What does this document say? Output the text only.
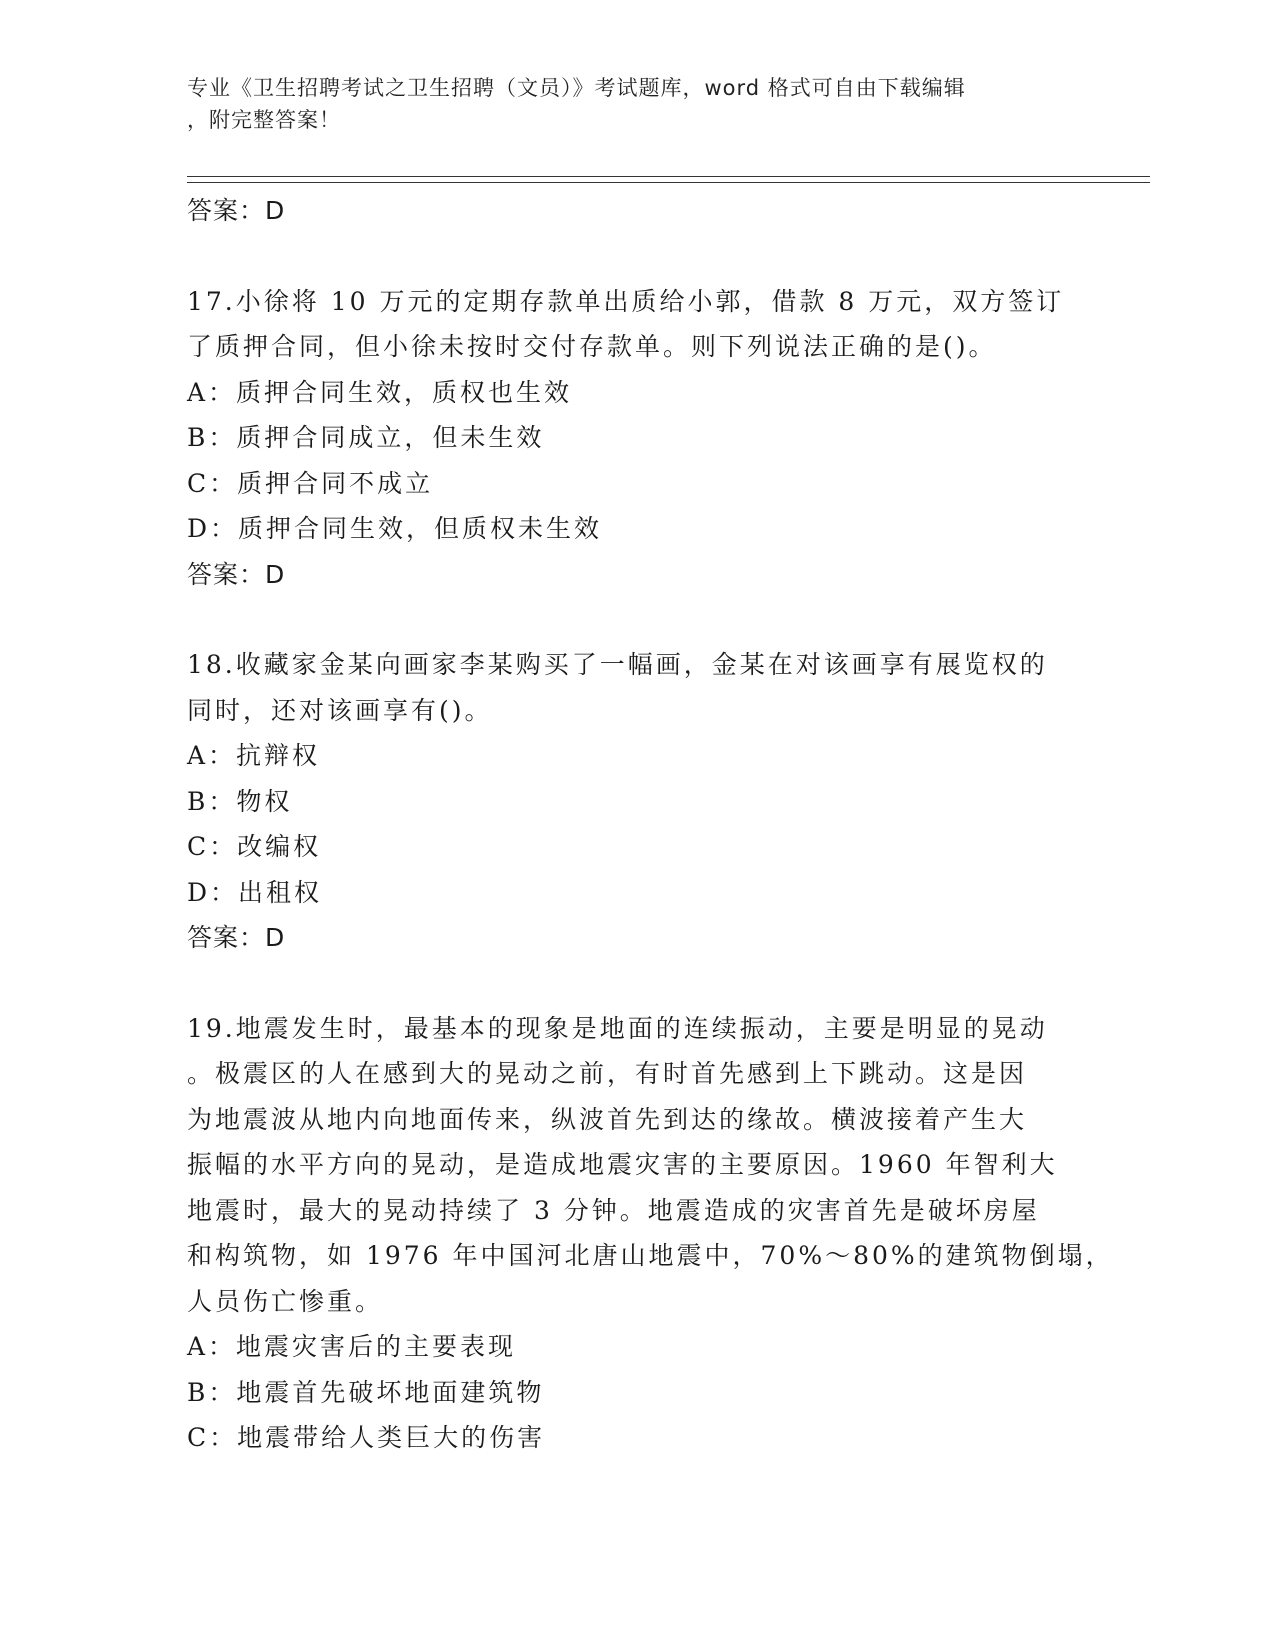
专业《卫生招聘考试之卫生招聘（文员）》考试题库，word 格式可自由下载编辑
，附完整答案！
答案：D
17.小徐将 10 万元的定期存款单出质给小郭，借款 8 万元，双方签订
了质押合同，但小徐未按时交付存款单。则下列说法正确的是()。
A：质押合同生效，质权也生效
B：质押合同成立，但未生效
C：质押合同不成立
D：质押合同生效，但质权未生效
答案：D
18.收藏家金某向画家李某购买了一幅画，金某在对该画享有展览权的
同时，还对该画享有()。
A：抗辩权
B：物权
C：改编权
D：出租权
答案：D
19.地震发生时，最基本的现象是地面的连续振动，主要是明显的晃动
。极震区的人在感到大的晃动之前，有时首先感到上下跳动。这是因
为地震波从地内向地面传来，纵波首先到达的缘故。横波接着产生大
振幅的水平方向的晃动，是造成地震灾害的主要原因。1960 年智利大
地震时，最大的晃动持续了 3 分钟。地震造成的灾害首先是破坏房屋
和构筑物，如 1976 年中国河北唐山地震中，70%～80%的建筑物倒塌，
人员伤亡惨重。
A：地震灾害后的主要表现
B：地震首先破坏地面建筑物
C：地震带给人类巨大的伤害
